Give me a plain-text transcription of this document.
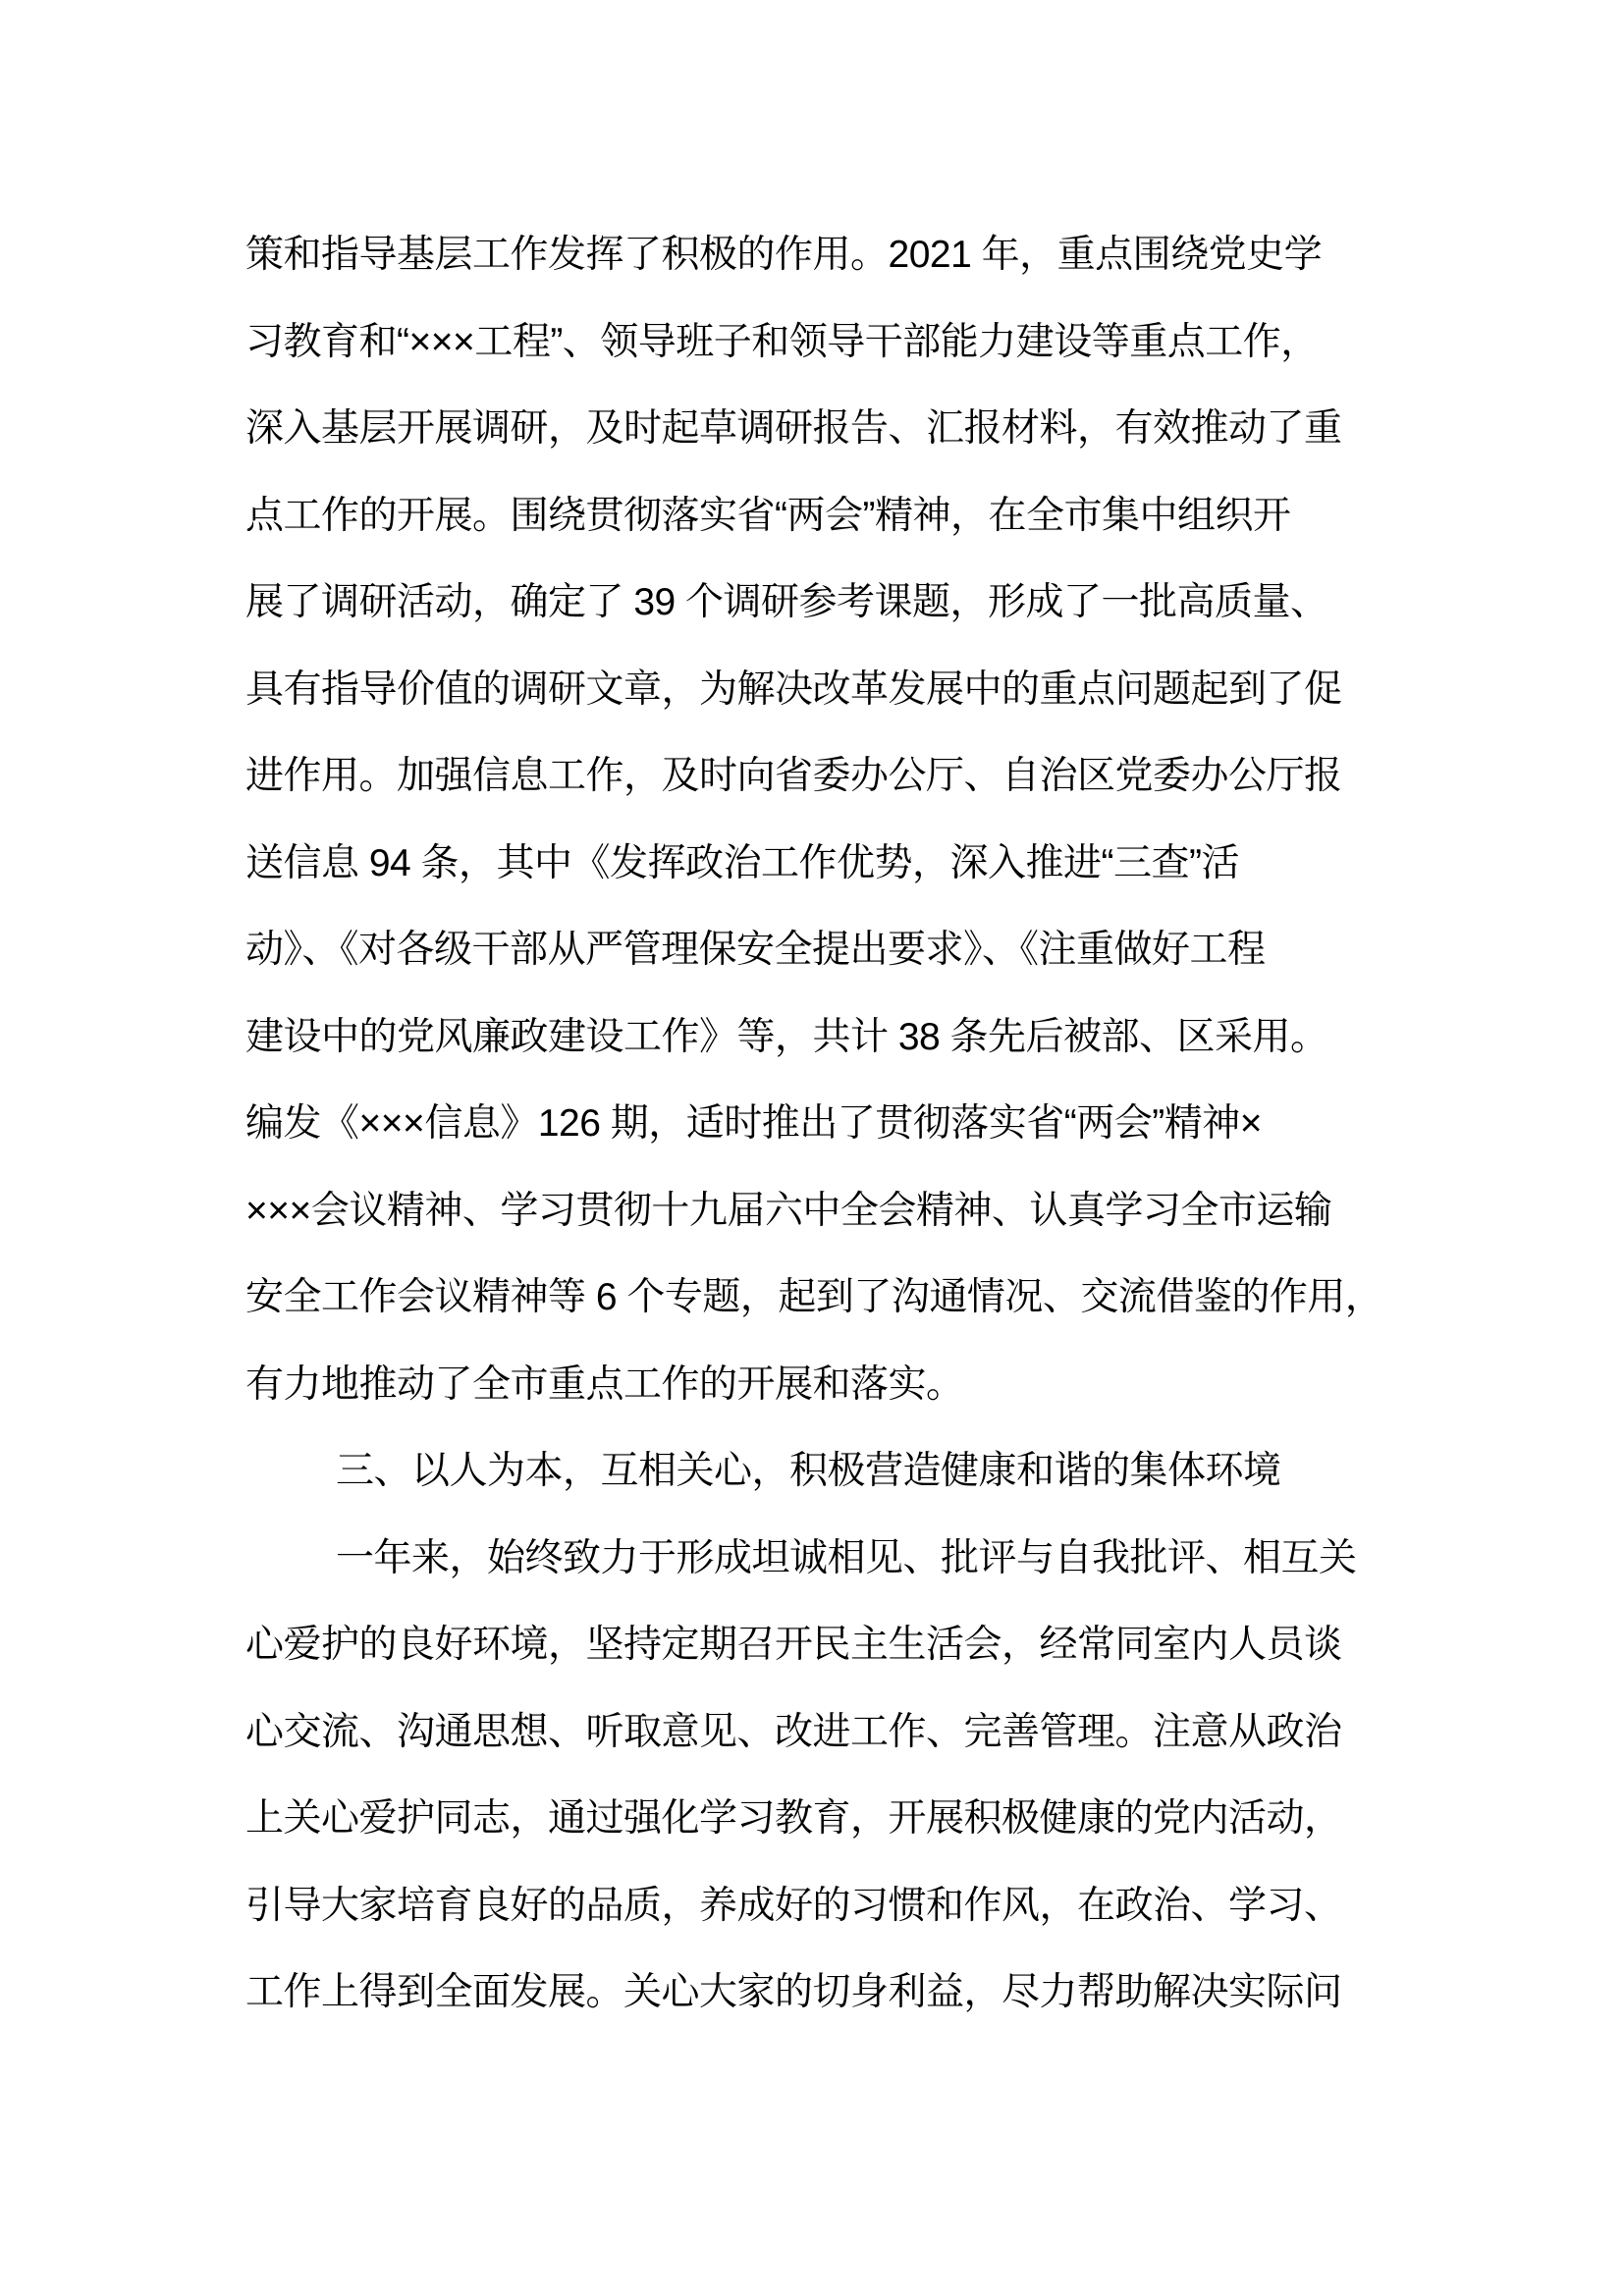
策和指导基层工作发挥了积极的作用。2021 年，重点围绕党史学
习教育和“×××工程”、领导班子和领导干部能力建设等重点工作，
深入基层开展调研，及时起草调研报告、汇报材料，有效推动了重
点工作的开展。围绕贯彻落实省“两会”精神，在全市集中组织开
展了调研活动，确定了 39 个调研参考课题，形成了一批高质量、
具有指导价值的调研文章，为解决改革发展中的重点问题起到了促
进作用。加强信息工作，及时向省委办公厅、自治区党委办公厅报
送信息 94 条，其中《发挥政治工作优势，深入推进“三查”活
动》、《对各级干部从严管理保安全提出要求》、《注重做好工程
建设中的党风廉政建设工作》等，共计 38 条先后被部、区采用。
编发《×××信息》126 期，适时推出了贯彻落实省“两会”精神×
×××会议精神、学习贯彻十九届六中全会精神、认真学习全市运输
安全工作会议精神等 6 个专题，起到了沟通情况、交流借鉴的作用，
有力地推动了全市重点工作的开展和落实。
三、以人为本，互相关心，积极营造健康和谐的集体环境
一年来，始终致力于形成坦诚相见、批评与自我批评、相互关
心爱护的良好环境，坚持定期召开民主生活会，经常同室内人员谈
心交流、沟通思想、听取意见、改进工作、完善管理。注意从政治
上关心爱护同志，通过强化学习教育，开展积极健康的党内活动，
引导大家培育良好的品质，养成好的习惯和作风，在政治、学习、
工作上得到全面发展。关心大家的切身利益，尽力帮助解决实际问
